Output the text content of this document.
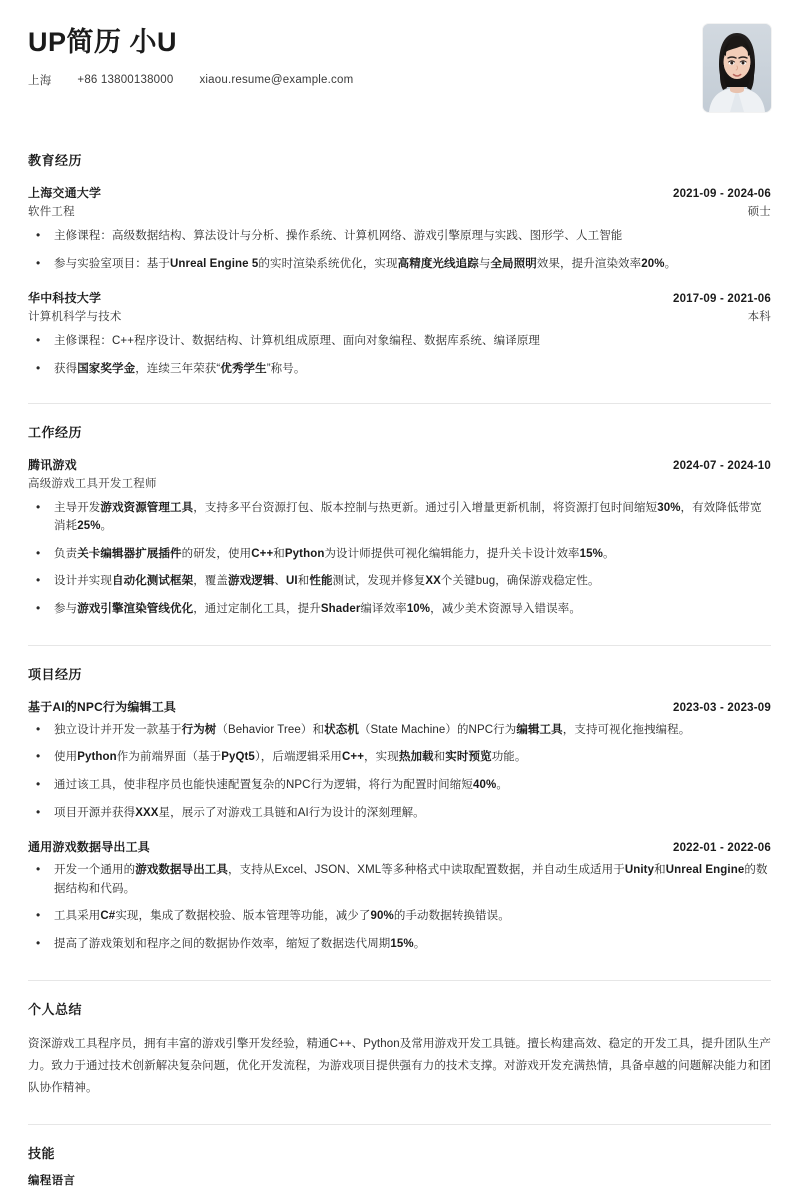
UP简历 小U
上海 +86 13800138000 xiaou.resume@example.com
教育经历
上海交通大学	2021-09 - 2024-06
软件工程	硕士
• 主修课程：高级数据结构、算法设计与分析、操作系统、计算机网络、游戏引擎原理与实践、图形学、人工智能
• 参与实验室项目：基于Unreal Engine 5的实时渲染系统优化，实现高精度光线追踪与全局照明效果，提升渲染效率20%。
华中科技大学	2017-09 - 2021-06
计算机科学与技术	本科
• 主修课程：C++程序设计、数据结构、计算机组成原理、面向对象编程、数据库系统、编译原理
• 获得国家奖学金，连续三年荣获“优秀学生”称号。
工作经历
腾讯游戏	2024-07 - 2024-10
高级游戏工具开发工程师
• 主导开发游戏资源管理工具，支持多平台资源打包、版本控制与热更新。通过引入增量更新机制，将资源打包时间缩短30%，有效降低带宽消耗25%。
• 负责关卡编辑器扩展插件的研发，使用C++和Python为设计师提供可视化编辑能力，提升关卡设计效率15%。
• 设计并实现自动化测试框架，覆盖游戏逻辑、UI和性能测试，发现并修复XX个关键bug，确保游戏稳定性。
• 参与游戏引擎渲染管线优化，通过定制化工具，提升Shader编译效率10%，减少美术资源导入错误率。
项目经历
基于AI的NPC行为编辑工具	2023-03 - 2023-09
• 独立设计并开发一款基于行为树（Behavior Tree）和状态机（State Machine）的NPC行为编辑工具，支持可视化拖拽编程。
• 使用Python作为前端界面（基于PyQt5），后端逻辑采用C++，实现热加载和实时预览功能。
• 通过该工具，使非程序员也能快速配置复杂的NPC行为逻辑，将行为配置时间缩短40%。
• 项目开源并获得XXX星，展示了对游戏工具链和AI行为设计的深刻理解。
通用游戏数据导出工具	2022-01 - 2022-06
• 开发一个通用的游戏数据导出工具，支持从Excel、JSON、XML等多种格式中读取配置数据，并自动生成适用于Unity和Unreal Engine的数据结构和代码。
• 工具采用C#实现，集成了数据校验、版本管理等功能，减少了90%的手动数据转换错误。
• 提高了游戏策划和程序之间的数据协作效率，缩短了数据迭代周期15%。
个人总结
资深游戏工具程序员，拥有丰富的游戏引擎开发经验，精通C++、Python及常用游戏开发工具链。擅长构建高效、稳定的开发工具，提升团队生产力。致力于通过技术创新解决复杂问题，优化开发流程，为游戏项目提供强有力的技术支撑。对游戏开发充满热情，具备卓越的问题解决能力和团队协作精神。
技能
编程语言
